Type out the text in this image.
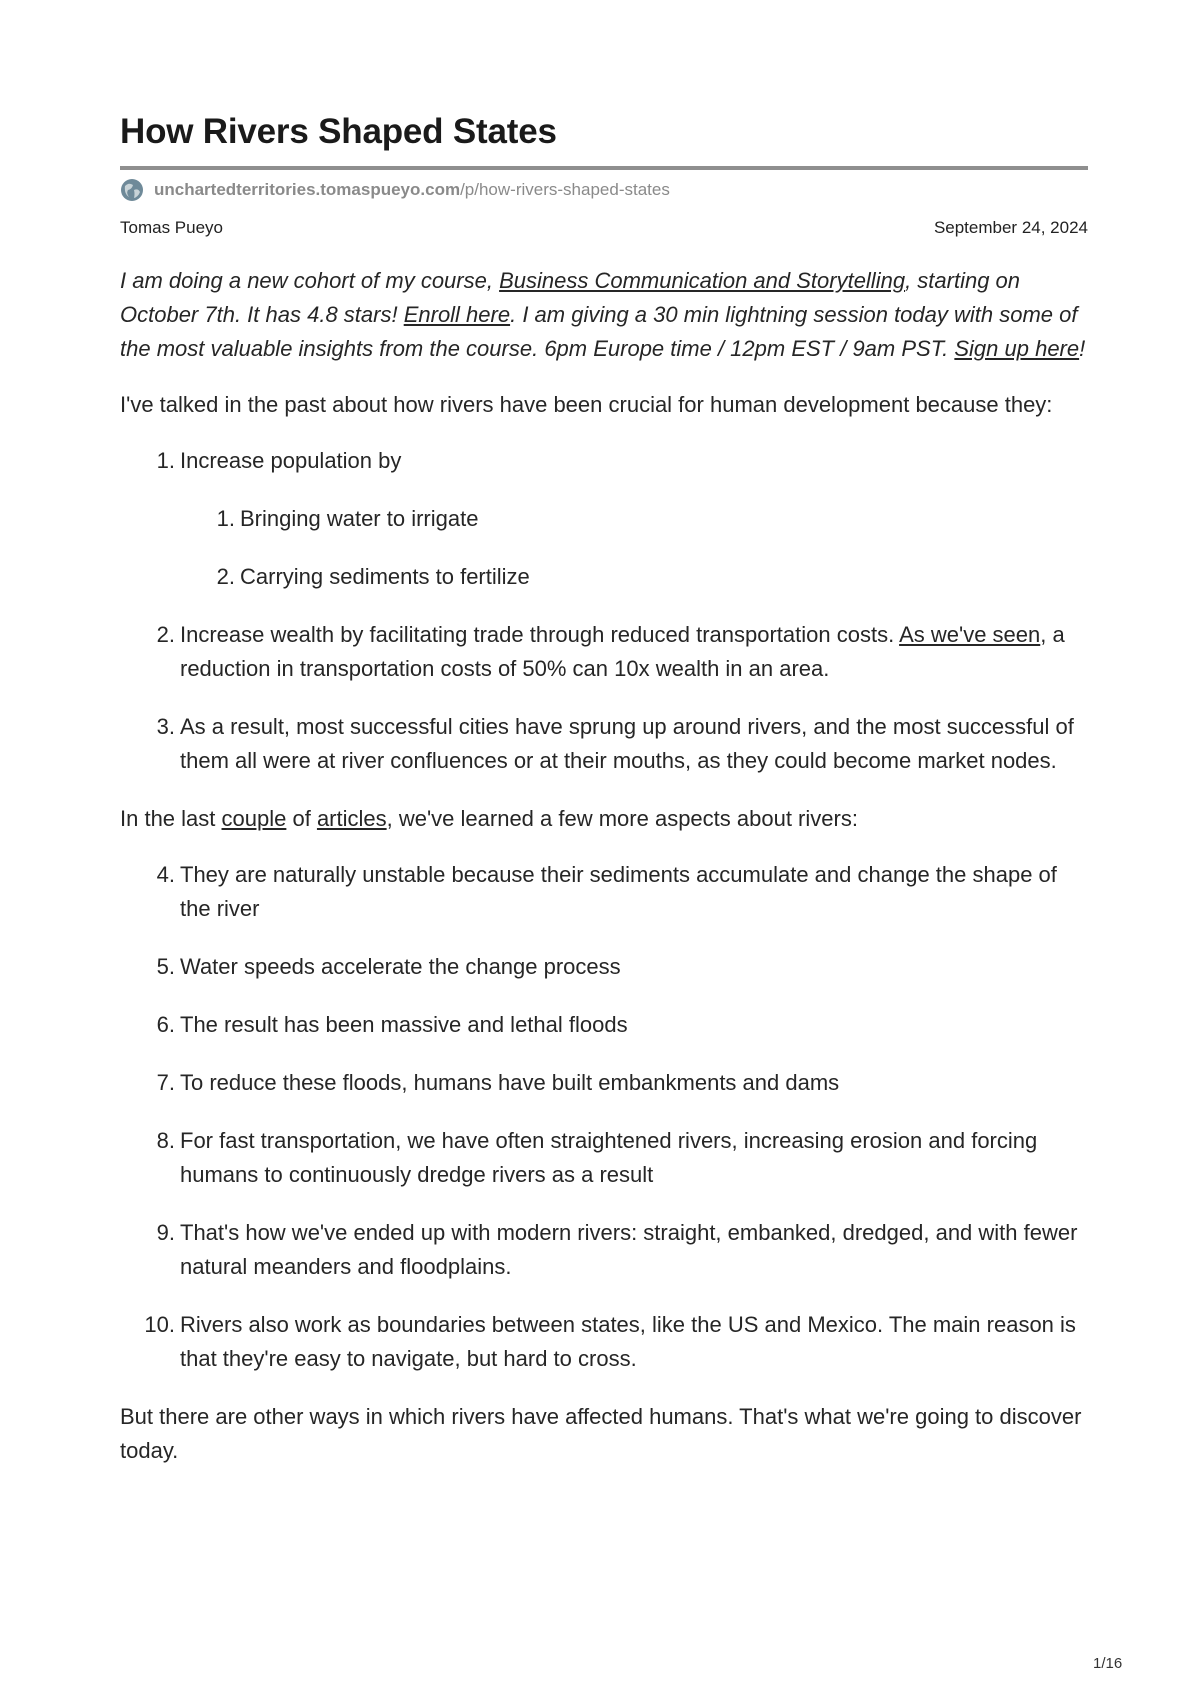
How Rivers Shaped States
unchartedterritories.tomaspueyo.com /p/how-rivers-shaped-states
Tomas Pueyo	September 24, 2024

I am doing a new cohort of my course, Business Communication and Storytelling, starting on October 7th. It has 4.8 stars! Enroll here. I am giving a 30 min lightning session today with some of the most valuable insights from the course. 6pm Europe time / 12pm EST / 9am PST. Sign up here!

I've talked in the past about how rivers have been crucial for human development because they:

1. Increase population by
1. Bringing water to irrigate
2. Carrying sediments to fertilize
2. Increase wealth by facilitating trade through reduced transportation costs. As we've seen, a reduction in transportation costs of 50% can 10x wealth in an area.
3. As a result, most successful cities have sprung up around rivers, and the most successful of them all were at river confluences or at their mouths, as they could become market nodes.

In the last couple of articles, we've learned a few more aspects about rivers:

4. They are naturally unstable because their sediments accumulate and change the shape of the river
5. Water speeds accelerate the change process
6. The result has been massive and lethal floods
7. To reduce these floods, humans have built embankments and dams
8. For fast transportation, we have often straightened rivers, increasing erosion and forcing humans to continuously dredge rivers as a result
9. That's how we've ended up with modern rivers: straight, embanked, dredged, and with fewer natural meanders and floodplains.
10. Rivers also work as boundaries between states, like the US and Mexico. The main reason is that they're easy to navigate, but hard to cross.

But there are other ways in which rivers have affected humans. That's what we're going to discover today.

1/16
